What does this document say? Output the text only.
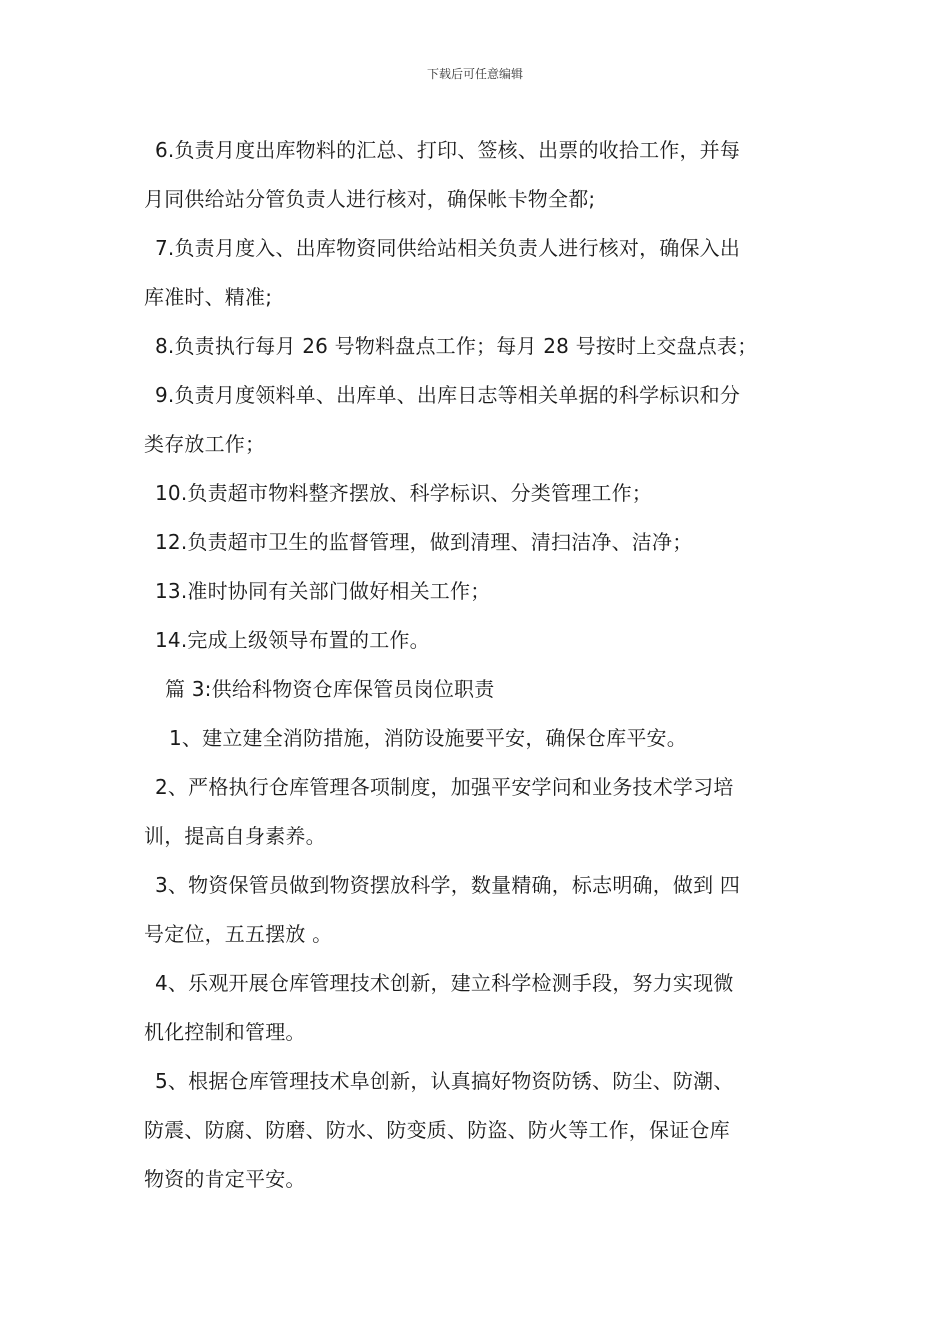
下载后可任意编辑
6.负责月度出库物料的汇总、打印、签核、出票的收拾工作，并每
月同供给站分管负责人进行核对，确保帐卡物全都;
7.负责月度入、出库物资同供给站相关负责人进行核对，确保入出
库准时、精准;
8.负责执行每月 26 号物料盘点工作；每月 28 号按时上交盘点表；
9.负责月度领料单、出库单、出库日志等相关单据的科学标识和分
类存放工作；
10.负责超市物料整齐摆放、科学标识、分类管理工作；
12.负责超市卫生的监督管理，做到清理、清扫洁净、洁净；
13.准时协同有关部门做好相关工作；
14.完成上级领导布置的工作。
篇 3:供给科物资仓库保管员岗位职责
1、建立建全消防措施，消防设施要平安，确保仓库平安。
2、严格执行仓库管理各项制度，加强平安学问和业务技术学习培
训，提高自身素养。
3、物资保管员做到物资摆放科学，数量精确，标志明确，做到 四
号定位，五五摆放 。
4、乐观开展仓库管理技术创新，建立科学检测手段，努力实现微
机化控制和管理。
5、根据仓库管理技术阜创新，认真搞好物资防锈、防尘、防潮、
防震、防腐、防磨、防水、防变质、防盗、防火等工作，保证仓库
物资的肯定平安。
